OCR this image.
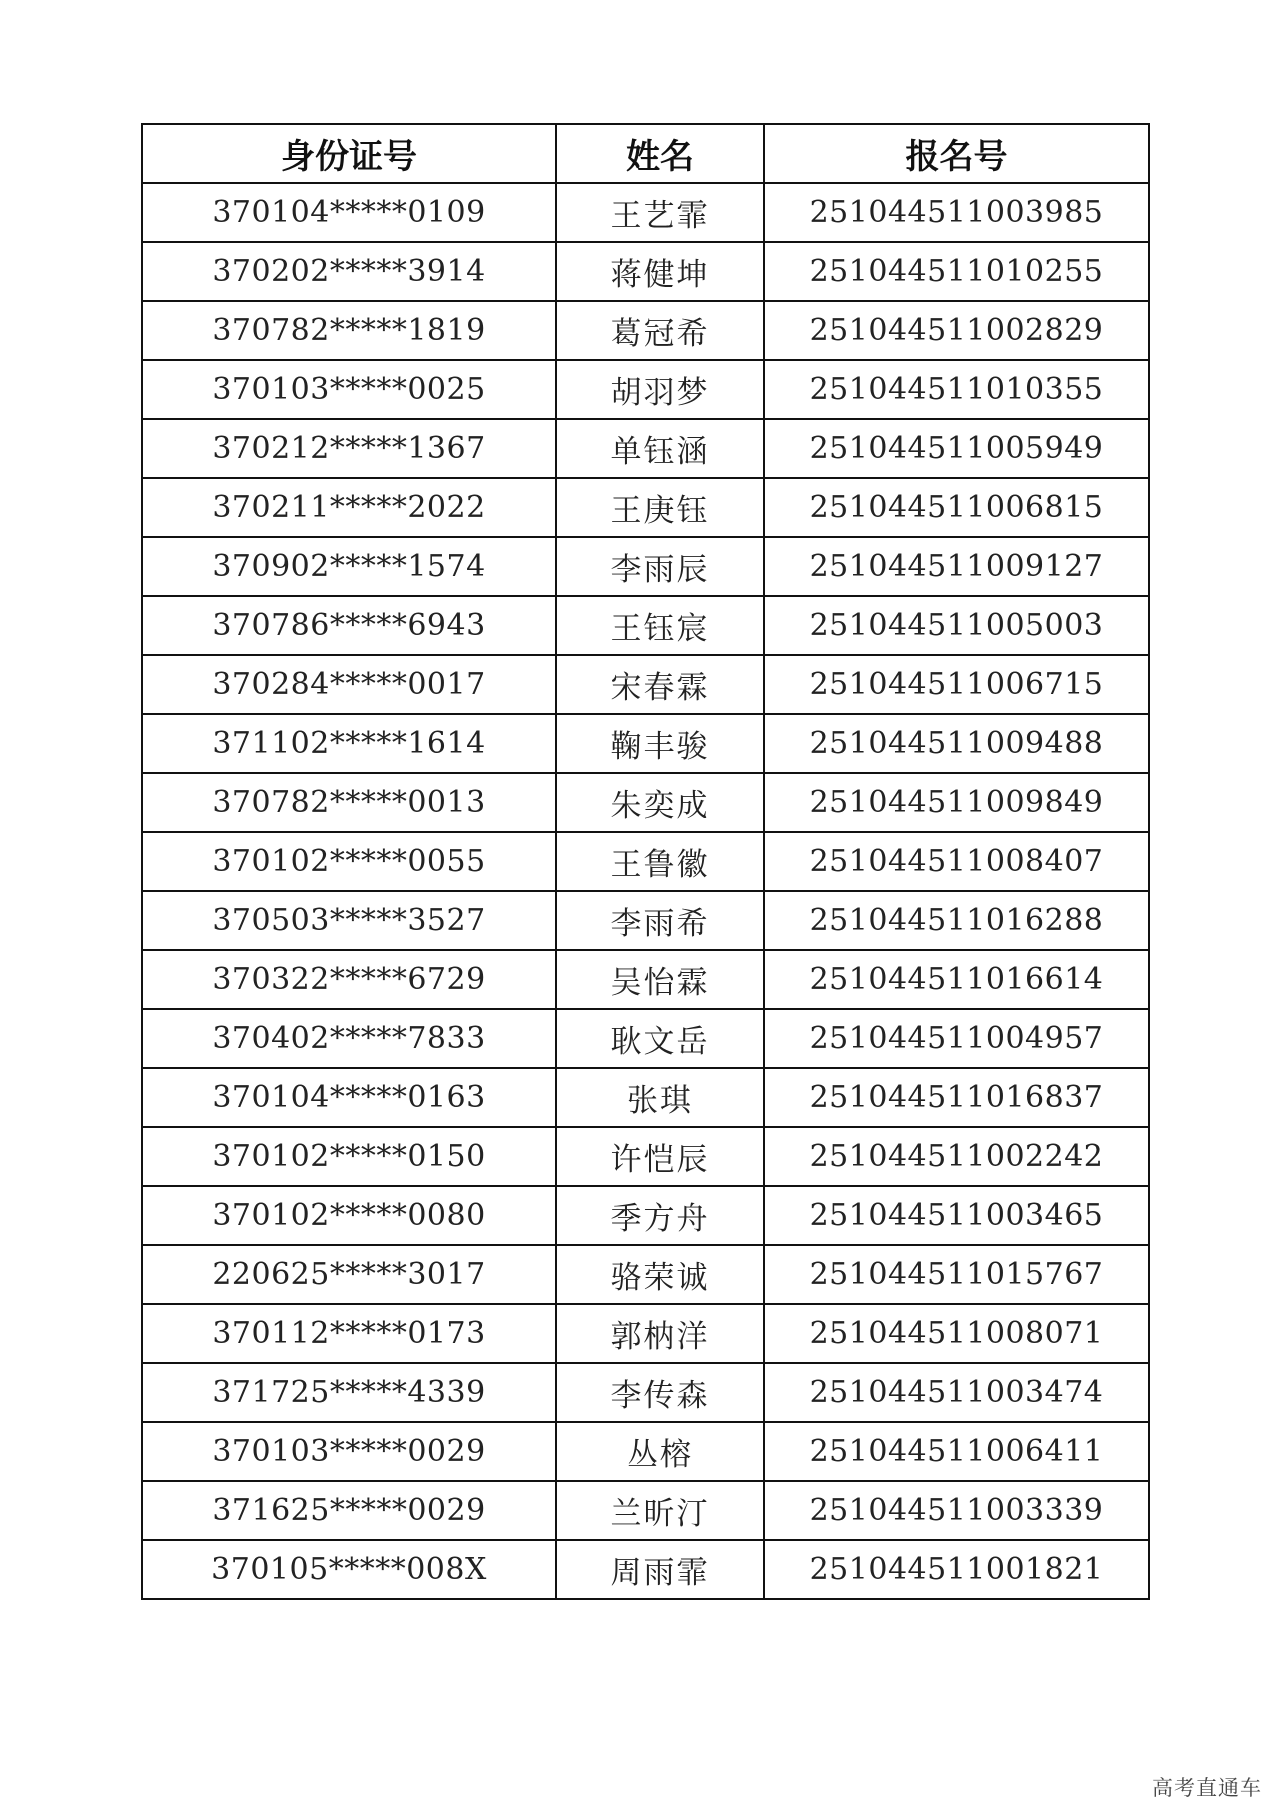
身份证号	姓名	报名号
370104*****0109	王艺霏	251044511003985
370202*****3914	蒋健坤	251044511010255
370782*****1819	葛冠希	251044511002829
370103*****0025	胡羽梦	251044511010355
370212*****1367	单钰涵	251044511005949
370211*****2022	王庚钰	251044511006815
370902*****1574	李雨辰	251044511009127
370786*****6943	王钰宸	251044511005003
370284*****0017	宋春霖	251044511006715
371102*****1614	鞠丰骏	251044511009488
370782*****0013	朱奕成	251044511009849
370102*****0055	王鲁徽	251044511008407
370503*****3527	李雨希	251044511016288
370322*****6729	吴怡霖	251044511016614
370402*****7833	耿文岳	251044511004957
370104*****0163	张琪	251044511016837
370102*****0150	许恺辰	251044511002242
370102*****0080	季方舟	251044511003465
220625*****3017	骆荣诚	251044511015767
370112*****0173	郭枘洋	251044511008071
371725*****4339	李传森	251044511003474
370103*****0029	丛榕	251044511006411
371625*****0029	兰昕汀	251044511003339
370105*****008X	周雨霏	251044511001821
高考直通车
